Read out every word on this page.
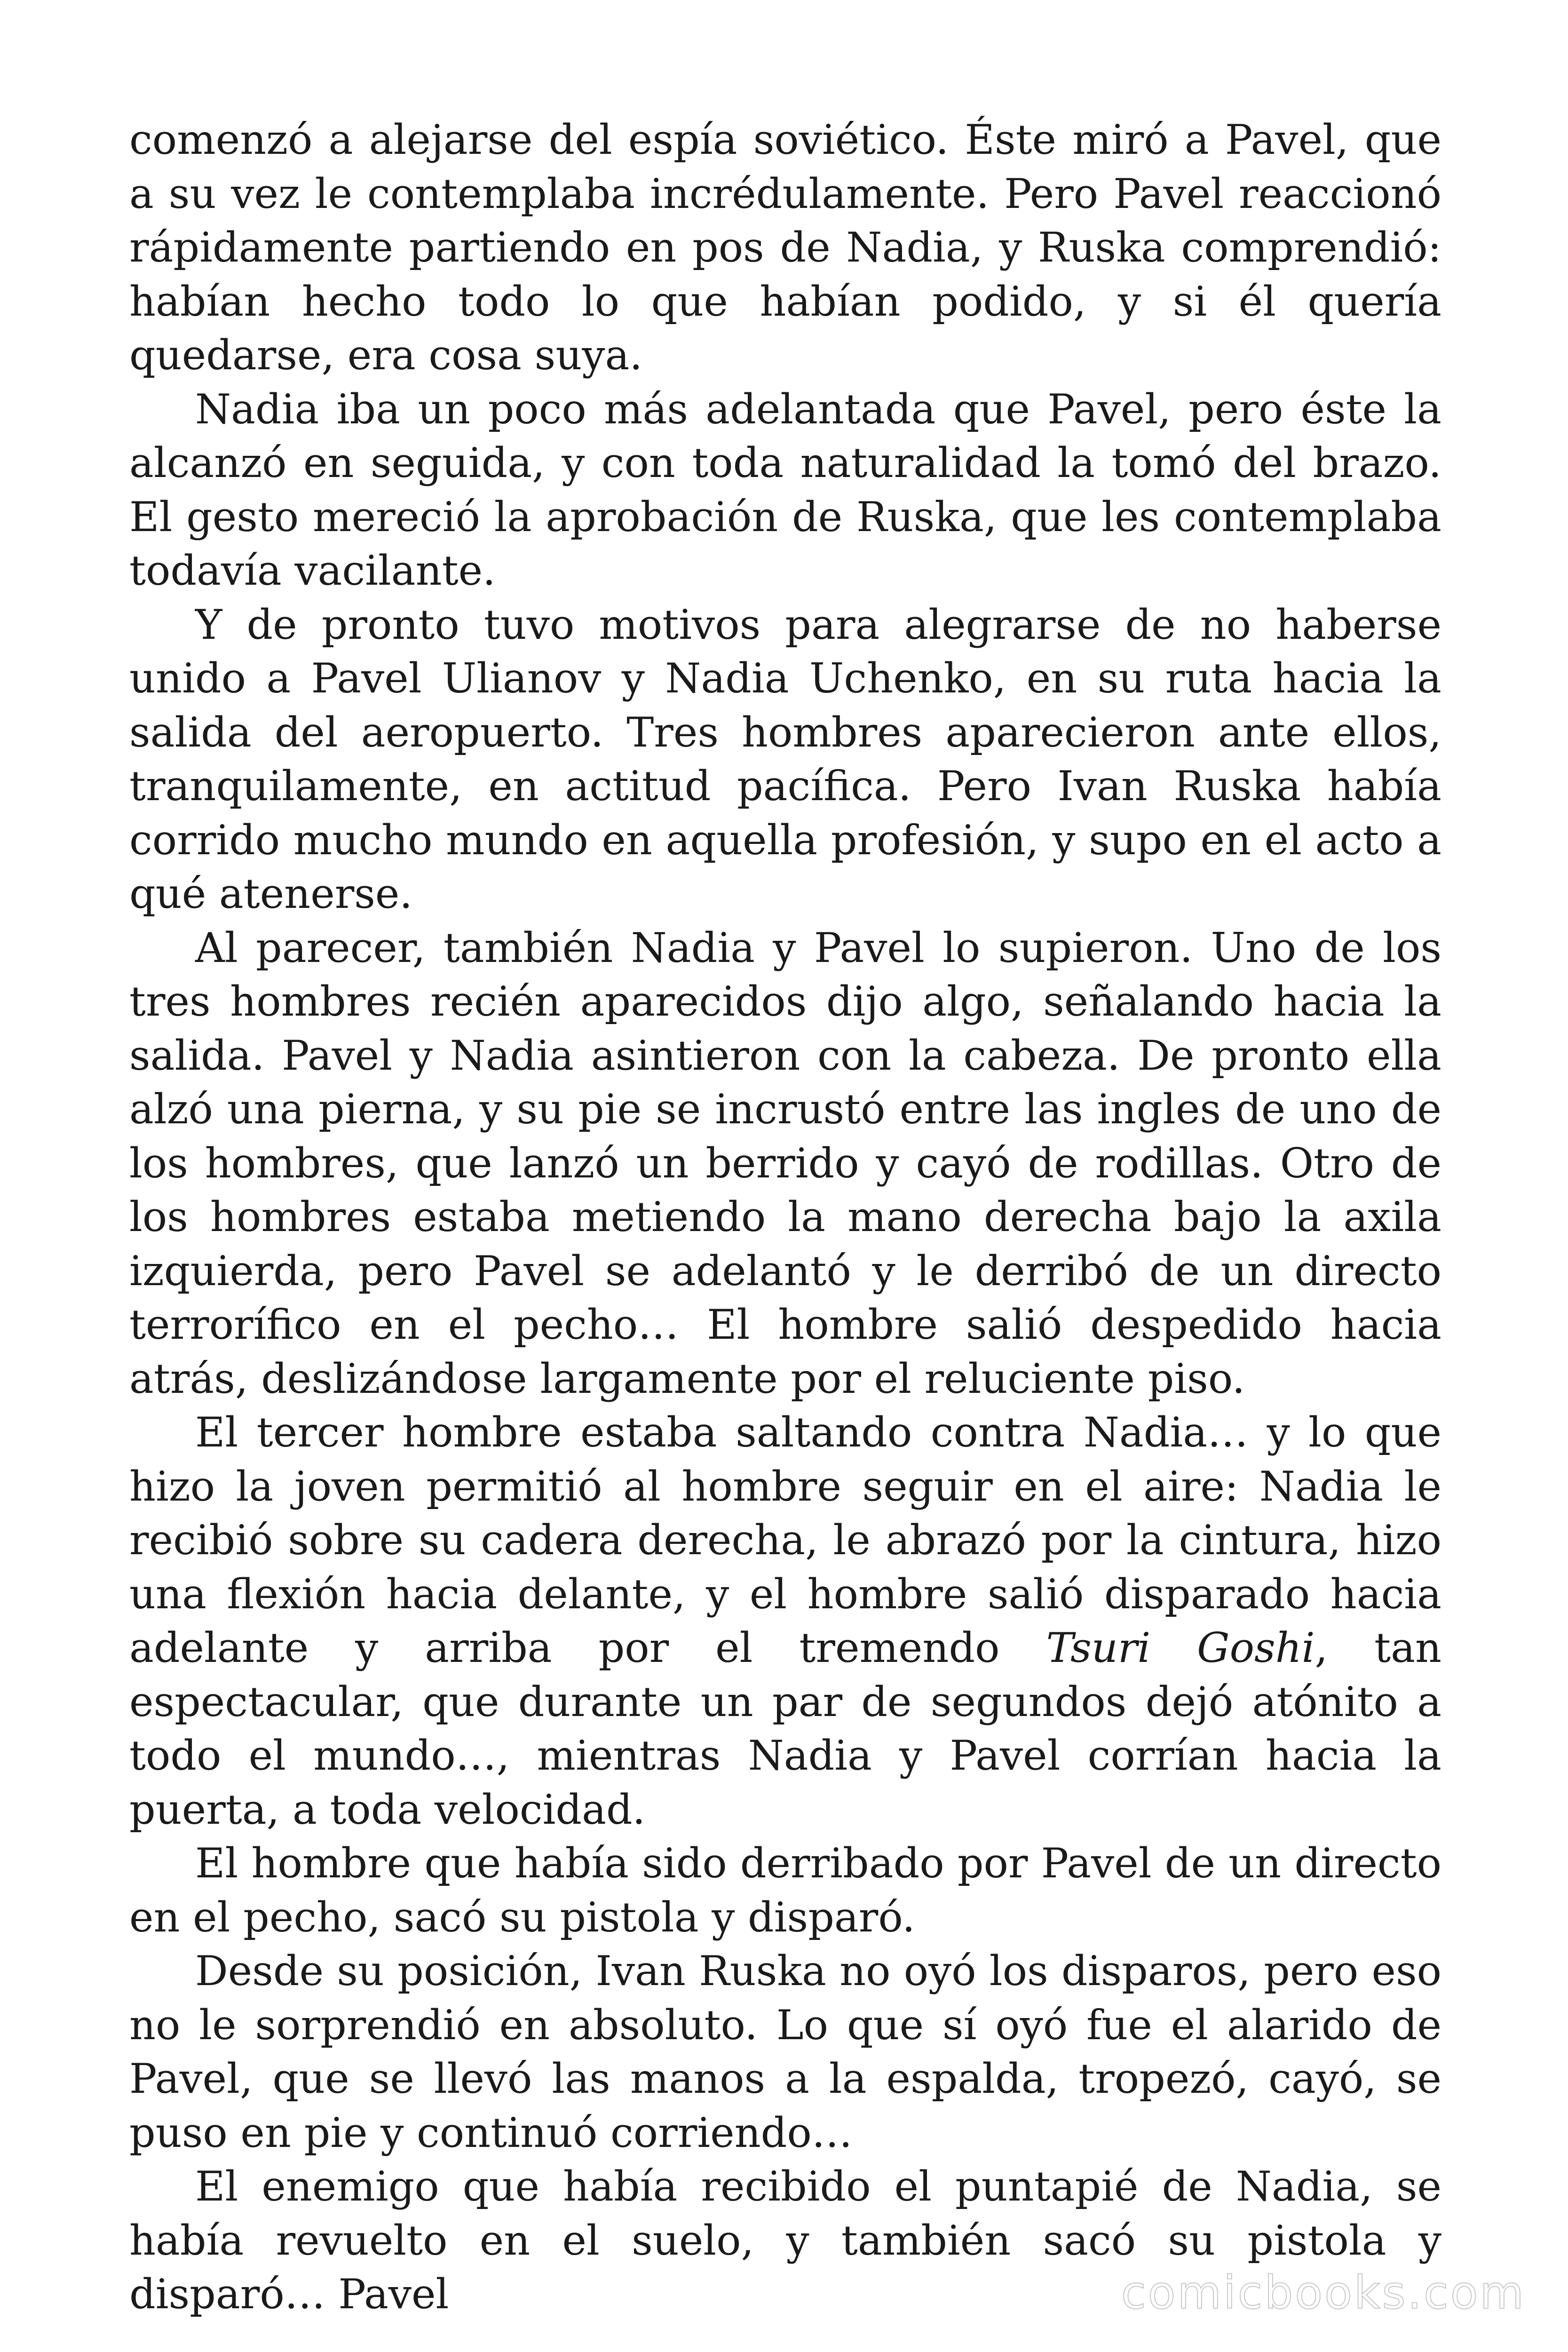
comenzó a alejarse del espía soviético. Éste miró a Pavel, que a su vez le contemplaba incrédulamente. Pero Pavel reaccionó rápidamente partiendo en pos de Nadia, y Ruska comprendió: habían hecho todo lo que habían podido, y si él quería quedarse, era cosa suya.

Nadia iba un poco más adelantada que Pavel, pero éste la alcanzó en seguida, y con toda naturalidad la tomó del brazo. El gesto mereció la aprobación de Ruska, que les contemplaba todavía vacilante.

Y de pronto tuvo motivos para alegrarse de no haberse unido a Pavel Ulianov y Nadia Uchenko, en su ruta hacia la salida del aeropuerto. Tres hombres aparecieron ante ellos, tranquilamente, en actitud pacífica. Pero Ivan Ruska había corrido mucho mundo en aquella profesión, y supo en el acto a qué atenerse.

Al parecer, también Nadia y Pavel lo supieron. Uno de los tres hombres recién aparecidos dijo algo, señalando hacia la salida. Pavel y Nadia asintieron con la cabeza. De pronto ella alzó una pierna, y su pie se incrustó entre las ingles de uno de los hombres, que lanzó un berrido y cayó de rodillas. Otro de los hombres estaba metiendo la mano derecha bajo la axila izquierda, pero Pavel se adelantó y le derribó de un directo terrorífico en el pecho… El hombre salió despedido hacia atrás, deslizándose largamente por el reluciente piso.

El tercer hombre estaba saltando contra Nadia… y lo que hizo la joven permitió al hombre seguir en el aire: Nadia le recibió sobre su cadera derecha, le abrazó por la cintura, hizo una flexión hacia delante, y el hombre salió disparado hacia adelante y arriba por el tremendo Tsuri Goshi, tan espectacular, que durante un par de segundos dejó atónito a todo el mundo…, mientras Nadia y Pavel corrían hacia la puerta, a toda velocidad.

El hombre que había sido derribado por Pavel de un directo en el pecho, sacó su pistola y disparó.

Desde su posición, Ivan Ruska no oyó los disparos, pero eso no le sorprendió en absoluto. Lo que sí oyó fue el alarido de Pavel, que se llevó las manos a la espalda, tropezó, cayó, se puso en pie y continuó corriendo…

El enemigo que había recibido el puntapié de Nadia, se había revuelto en el suelo, y también sacó su pistola y disparó… Pavel	comicbooks.com
